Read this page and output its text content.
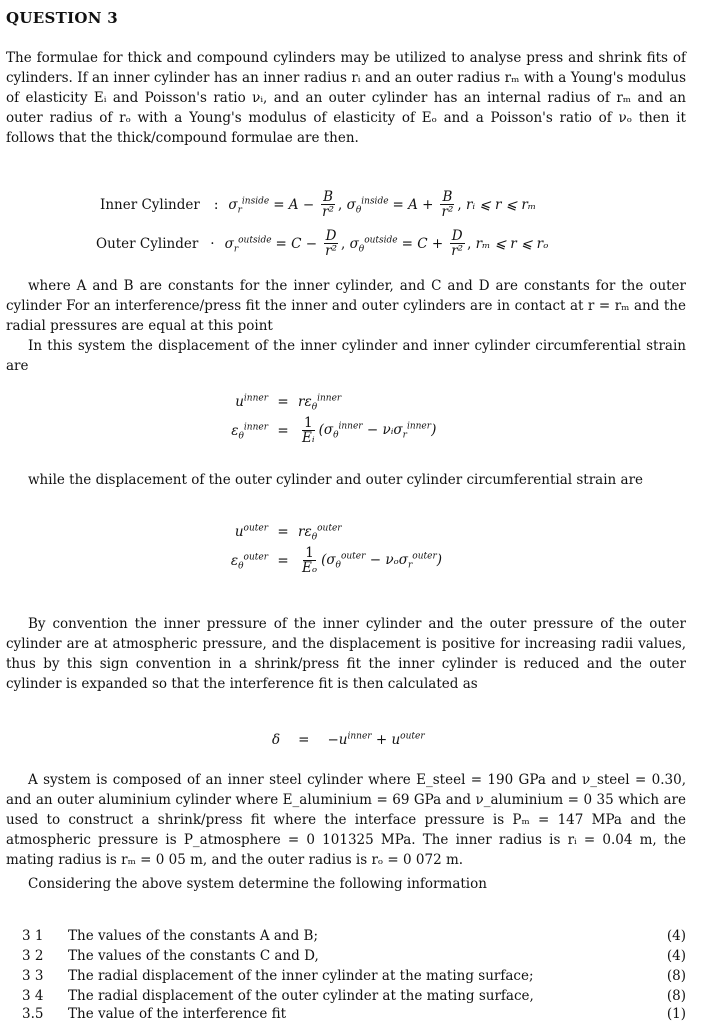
QUESTION 3
The formulae for thick and compound cylinders may be utilized to analyse press and shrink fits of cylinders. If an inner cylinder has an inner radius rᵢ and an outer radius rₘ with a Young's modulus of elasticity Eᵢ and Poisson's ratio νᵢ, and an outer cylinder has an internal radius of rₘ and an outer radius of rₒ with a Young's modulus of elasticity of Eₒ and a Poisson's ratio of νₒ then it follows that the thick/compound formulae are then.
Inner Cylinder : $\sigma_r^{inside} = A - \frac{B}{\text{r²}}$ , $\sigma_\theta^{inside} = A + \frac{B}{\text{r²}}$ , rᵢ ⩽ r ⩽ rₘ
Outer Cylinder · $\sigma_r^{outside} = C - \frac{D}{\text{r²}}$ , $\sigma_\theta^{outside} = C + \frac{D}{\text{r²}}$ , rₘ ⩽ r ⩽ rₒ
where A and B are constants for the inner cylinder, and C and D are constants for the outer cylinder For an interference/press fit the inner and outer cylinders are in contact at r = rₘ and the radial pressures are equal at this point
In this system the displacement of the inner cylinder and inner cylinder circumferential strain are
$u^{inner} = r\varepsilon_\theta^{inner}$
$\varepsilon_\theta^{inner} = \frac{1}{\text{Eᵢ}} (\sigma_\theta^{inner}$ − νᵢσ$_r^{inner}$)
while the displacement of the outer cylinder and outer cylinder circumferential strain are
$u^{outer} = r\varepsilon_\theta^{outer}$
$\varepsilon_\theta^{outer} = \frac{1}{\text{Eₒ}} (\sigma_\theta^{outer} - \nu_o\sigma_r^{outer})$
By convention the inner pressure of the inner cylinder and the outer pressure of the outer cylinder are at atmospheric pressure, and the displacement is positive for increasing radii values, thus by this sign convention in a shrink/press fit the inner cylinder is reduced and the outer cylinder is expanded so that the interference fit is then calculated as
$\delta = -u^{inner} + u^{outer}$
A system is composed of an inner steel cylinder where E_steel = 190 GPa and ν_steel = 0.30, and an outer aluminium cylinder where E_aluminium = 69 GPa and ν_aluminium = 0 35 which are used to construct a shrink/press fit where the interface pressure is Pₘ = 147 MPa and the atmospheric pressure is P_atmosphere = 0 101325 MPa. The inner radius is rᵢ = 0.04 m, the mating radius is rₘ = 0 05 m, and the outer radius is rₒ = 0 072 m.
Considering the above system determine the following information
3 1	The values of the constants A and B;	(4)
3 2	The values of the constants C and D,	(4)
3 3	The radial displacement of the inner cylinder at the mating surface;	(8)
3 4	The radial displacement of the outer cylinder at the mating surface,	(8)
3.5	The value of the interference fit	(1)
